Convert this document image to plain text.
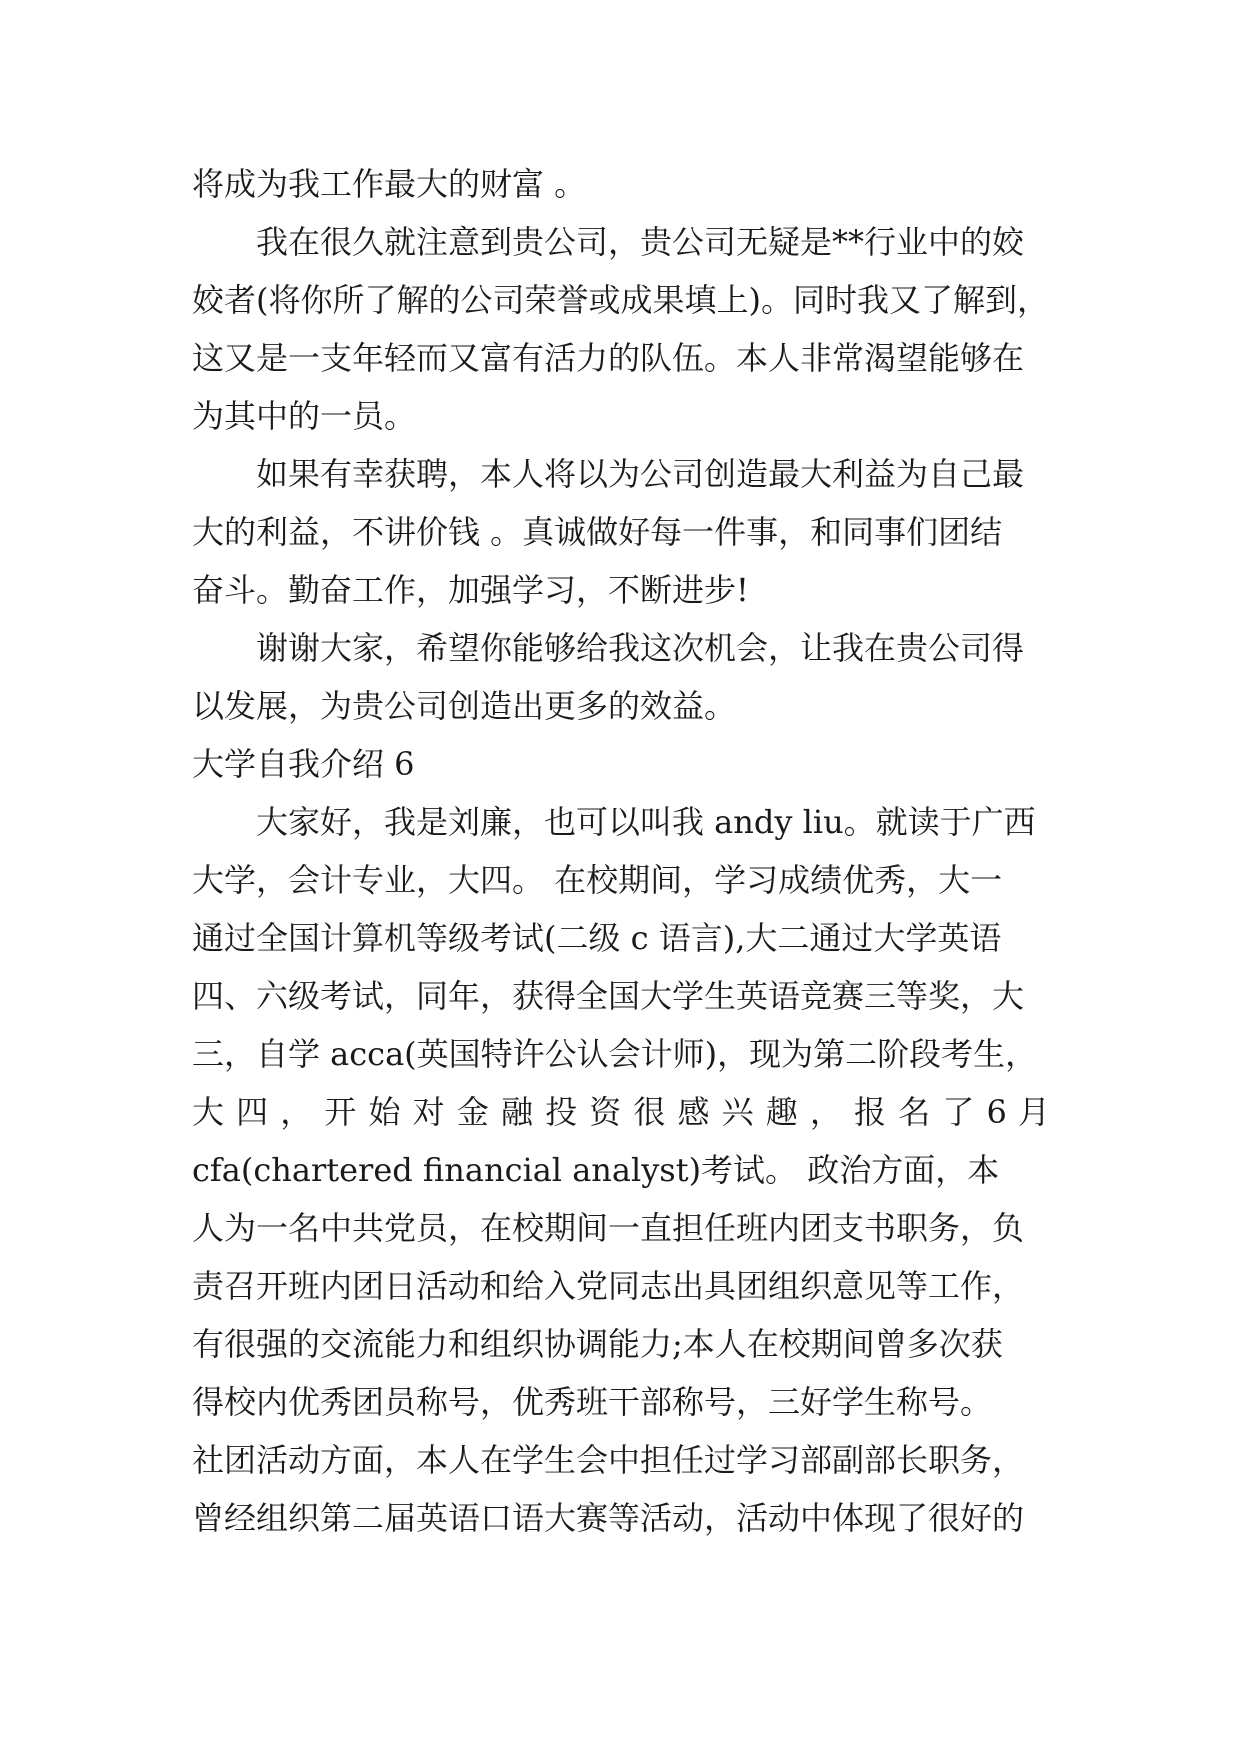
将成为我工作最大的财富 。
我在很久就注意到贵公司，贵公司无疑是**行业中的姣
姣者(将你所了解的公司荣誉或成果填上)。同时我又了解到，
这又是一支年轻而又富有活力的队伍。本人非常渴望能够在
为其中的一员。
如果有幸获聘，本人将以为公司创造最大利益为自己最
大的利益，不讲价钱 。真诚做好每一件事，和同事们团结
奋斗。勤奋工作，加强学习，不断进步!
谢谢大家，希望你能够给我这次机会，让我在贵公司得
以发展，为贵公司创造出更多的效益。
大学自我介绍 6
大家好，我是刘廉，也可以叫我 andy liu。就读于广西
大学，会计专业，大四。 在校期间，学习成绩优秀，大一
通过全国计算机等级考试(二级 c 语言),大二通过大学英语
四、六级考试，同年，获得全国大学生英语竞赛三等奖，大
三，自学 acca(英国特许公认会计师)，现为第二阶段考生，
大 四 ， 开 始 对 金 融 投 资 很 感 兴 趣 ， 报 名 了 6 月
cfa(chartered financial analyst)考试。 政治方面，本
人为一名中共党员，在校期间一直担任班内团支书职务，负
责召开班内团日活动和给入党同志出具团组织意见等工作，
有很强的交流能力和组织协调能力;本人在校期间曾多次获
得校内优秀团员称号，优秀班干部称号，三好学生称号。
社团活动方面，本人在学生会中担任过学习部副部长职务，
曾经组织第二届英语口语大赛等活动，活动中体现了很好的
